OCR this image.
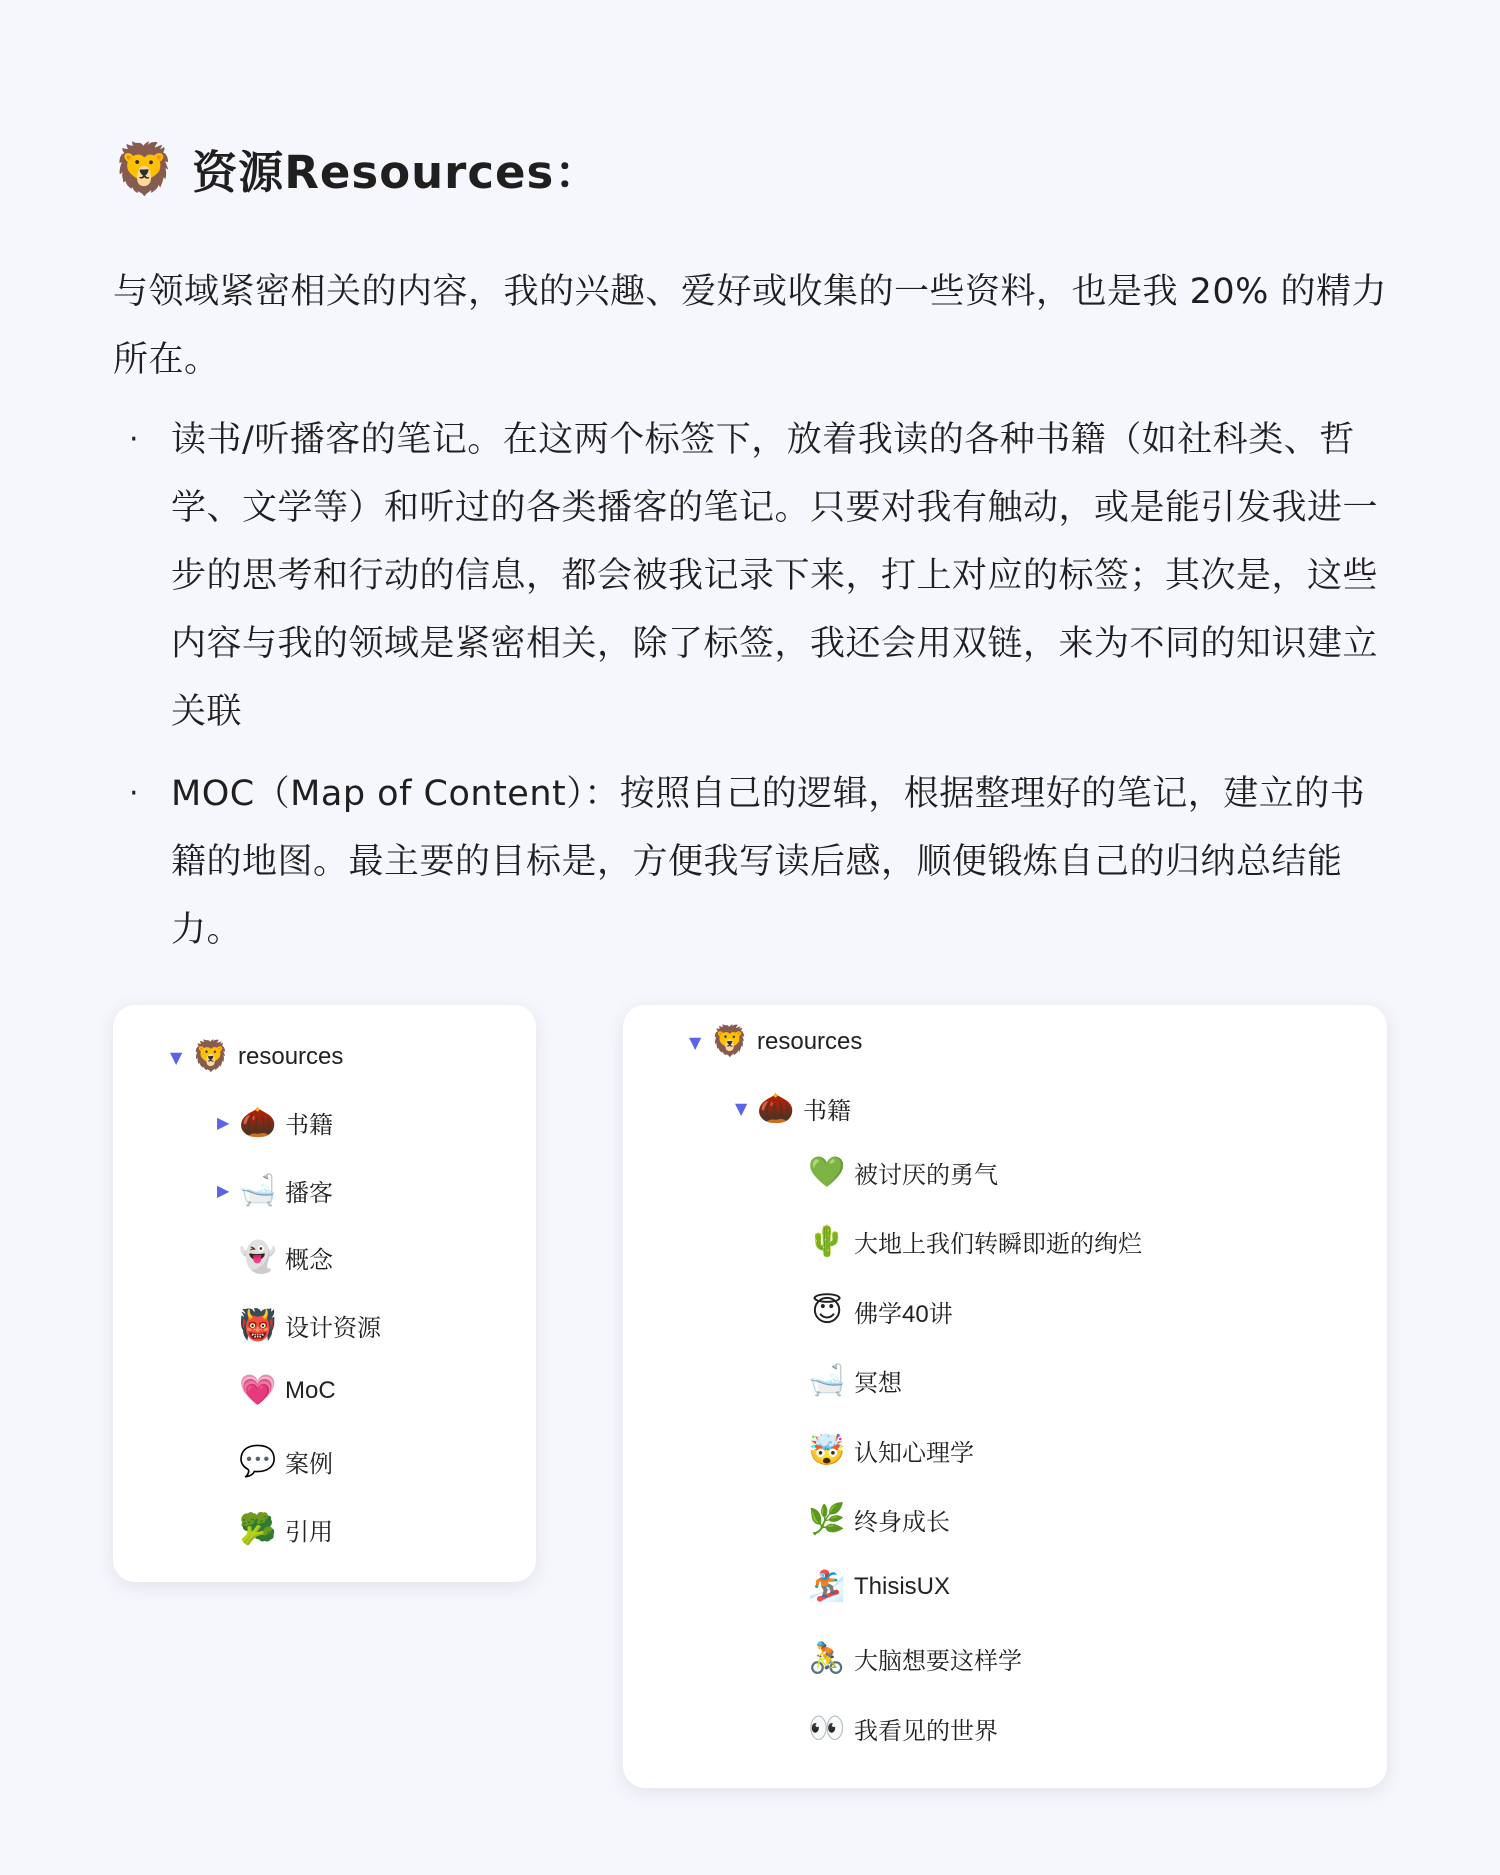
🦁 资源Resources：

与领域紧密相关的内容，我的兴趣、爱好或收集的一些资料，也是我 20% 的精力所在。

· 读书/听播客的笔记。在这两个标签下，放着我读的各种书籍（如社科类、哲学、文学等）和听过的各类播客的笔记。只要对我有触动，或是能引发我进一步的思考和行动的信息，都会被我记录下来，打上对应的标签；其次是，这些内容与我的领域是紧密相关，除了标签，我还会用双链，来为不同的知识建立关联
· MOC（Map of Content）：按照自己的逻辑，根据整理好的笔记，建立的书籍的地图。最主要的目标是，方便我写读后感，顺便锻炼自己的归纳总结能力。
▼ 🦁 resources
▶ 🌰 书籍
▶ 🛁 播客
👻 概念
👹 设计资源
💗 MoC
💬 案例
🥦 引用
▼ 🦁 resources
▼ 🌰 书籍
💚 被讨厌的勇气
🌵 大地上我们转瞬即逝的绚烂
😇 佛学40讲
🛁 冥想
🤯 认知心理学
🌿 终身成长
🏂 ThisisUX
🚴 大脑想要这样学
👀 我看见的世界
